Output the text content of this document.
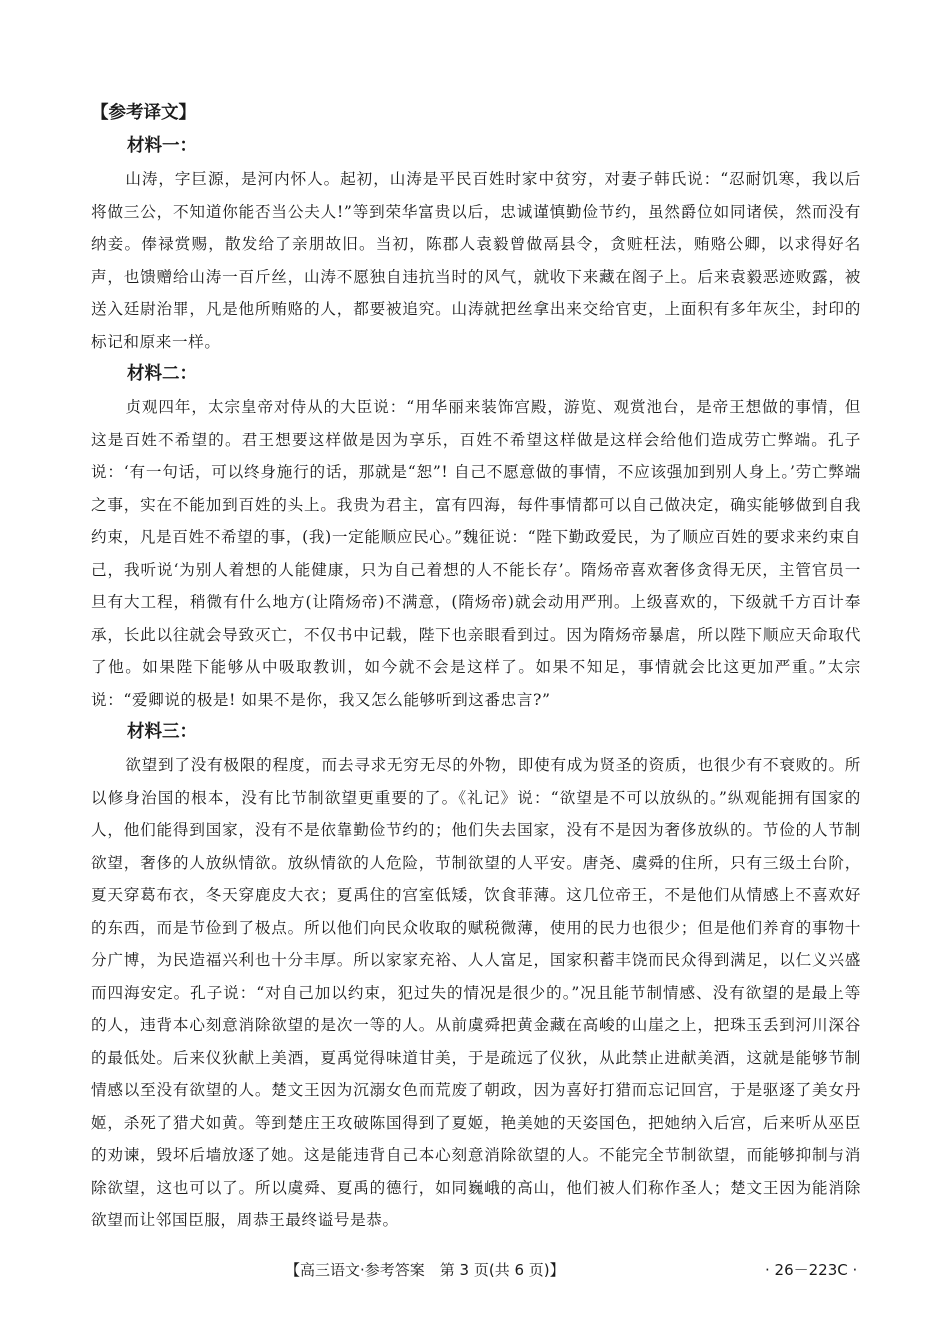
【参考译文】
材料一：

山涛，字巨源，是河内怀人。起初，山涛是平民百姓时家中贫穷，对妻子韩氏说：“忍耐饥寒，我以后将做三公，不知道你能否当公夫人!”等到荣华富贵以后，忠诚谨慎勤俭节约，虽然爵位如同诸侯，然而没有纳妾。俸禄赏赐，散发给了亲朋故旧。当初，陈郡人袁毅曾做鬲县令，贪赃枉法，贿赂公卿，以求得好名声，也馈赠给山涛一百斤丝，山涛不愿独自违抗当时的风气，就收下来藏在阁子上。后来袁毅恶迹败露，被送入廷尉治罪，凡是他所贿赂的人，都要被追究。山涛就把丝拿出来交给官吏，上面积有多年灰尘，封印的标记和原来一样。

材料二：

贞观四年，太宗皇帝对侍从的大臣说：“用华丽来装饰宫殿，游览、观赏池台，是帝王想做的事情，但这是百姓不希望的。君王想要这样做是因为享乐，百姓不希望这样做是这样会给他们造成劳亡弊端。孔子说：‘有一句话，可以终身施行的话，那就是“恕”! 自己不愿意做的事情，不应该强加到别人身上。’劳亡弊端之事，实在不能加到百姓的头上。我贵为君主，富有四海，每件事情都可以自己做决定，确实能够做到自我约束，凡是百姓不希望的事，(我)一定能顺应民心。”魏征说：“陛下勤政爱民，为了顺应百姓的要求来约束自己，我听说‘为别人着想的人能健康，只为自己着想的人不能长存’。隋炀帝喜欢奢侈贪得无厌，主管官员一旦有大工程，稍微有什么地方(让隋炀帝)不满意，(隋炀帝)就会动用严刑。上级喜欢的，下级就千方百计奉承，长此以往就会导致灭亡，不仅书中记载，陛下也亲眼看到过。因为隋炀帝暴虐，所以陛下顺应天命取代了他。如果陛下能够从中吸取教训，如今就不会是这样了。如果不知足，事情就会比这更加严重。”太宗说：“爱卿说的极是! 如果不是你，我又怎么能够听到这番忠言?”

材料三：

欲望到了没有极限的程度，而去寻求无穷无尽的外物，即使有成为贤圣的资质，也很少有不衰败的。所以修身治国的根本，没有比节制欲望更重要的了。《礼记》说：“欲望是不可以放纵的。”纵观能拥有国家的人，他们能得到国家，没有不是依靠勤俭节约的；他们失去国家，没有不是因为奢侈放纵的。节俭的人节制欲望，奢侈的人放纵情欲。放纵情欲的人危险，节制欲望的人平安。唐尧、虞舜的住所，只有三级土台阶，夏天穿葛布衣，冬天穿鹿皮大衣；夏禹住的宫室低矮，饮食菲薄。这几位帝王，不是他们从情感上不喜欢好的东西，而是节俭到了极点。所以他们向民众收取的赋税微薄，使用的民力也很少；但是他们养育的事物十分广博，为民造福兴利也十分丰厚。所以家家充裕、人人富足，国家积蓄丰饶而民众得到满足，以仁义兴盛而四海安定。孔子说：“对自己加以约束，犯过失的情况是很少的。”况且能节制情感、没有欲望的是最上等的人，违背本心刻意消除欲望的是次一等的人。从前虞舜把黄金藏在高峻的山崖之上，把珠玉丢到河川深谷的最低处。后来仪狄献上美酒，夏禹觉得味道甘美，于是疏远了仪狄，从此禁止进献美酒，这就是能够节制情感以至没有欲望的人。楚文王因为沉溺女色而荒废了朝政，因为喜好打猎而忘记回宫，于是驱逐了美女丹姬，杀死了猎犬如黄。等到楚庄王攻破陈国得到了夏姬，艳美她的天姿国色，把她纳入后宫，后来听从巫臣的劝谏，毁坏后墙放逐了她。这是能违背自己本心刻意消除欲望的人。不能完全节制欲望，而能够抑制与消除欲望，这也可以了。所以虞舜、夏禹的德行，如同巍峨的高山，他们被人们称作圣人；楚文王因为能消除欲望而让邻国臣服，周恭王最终谥号是恭。

【高三语文·参考答案　第 3 页(共 6 页)】	· 26－223C ·
